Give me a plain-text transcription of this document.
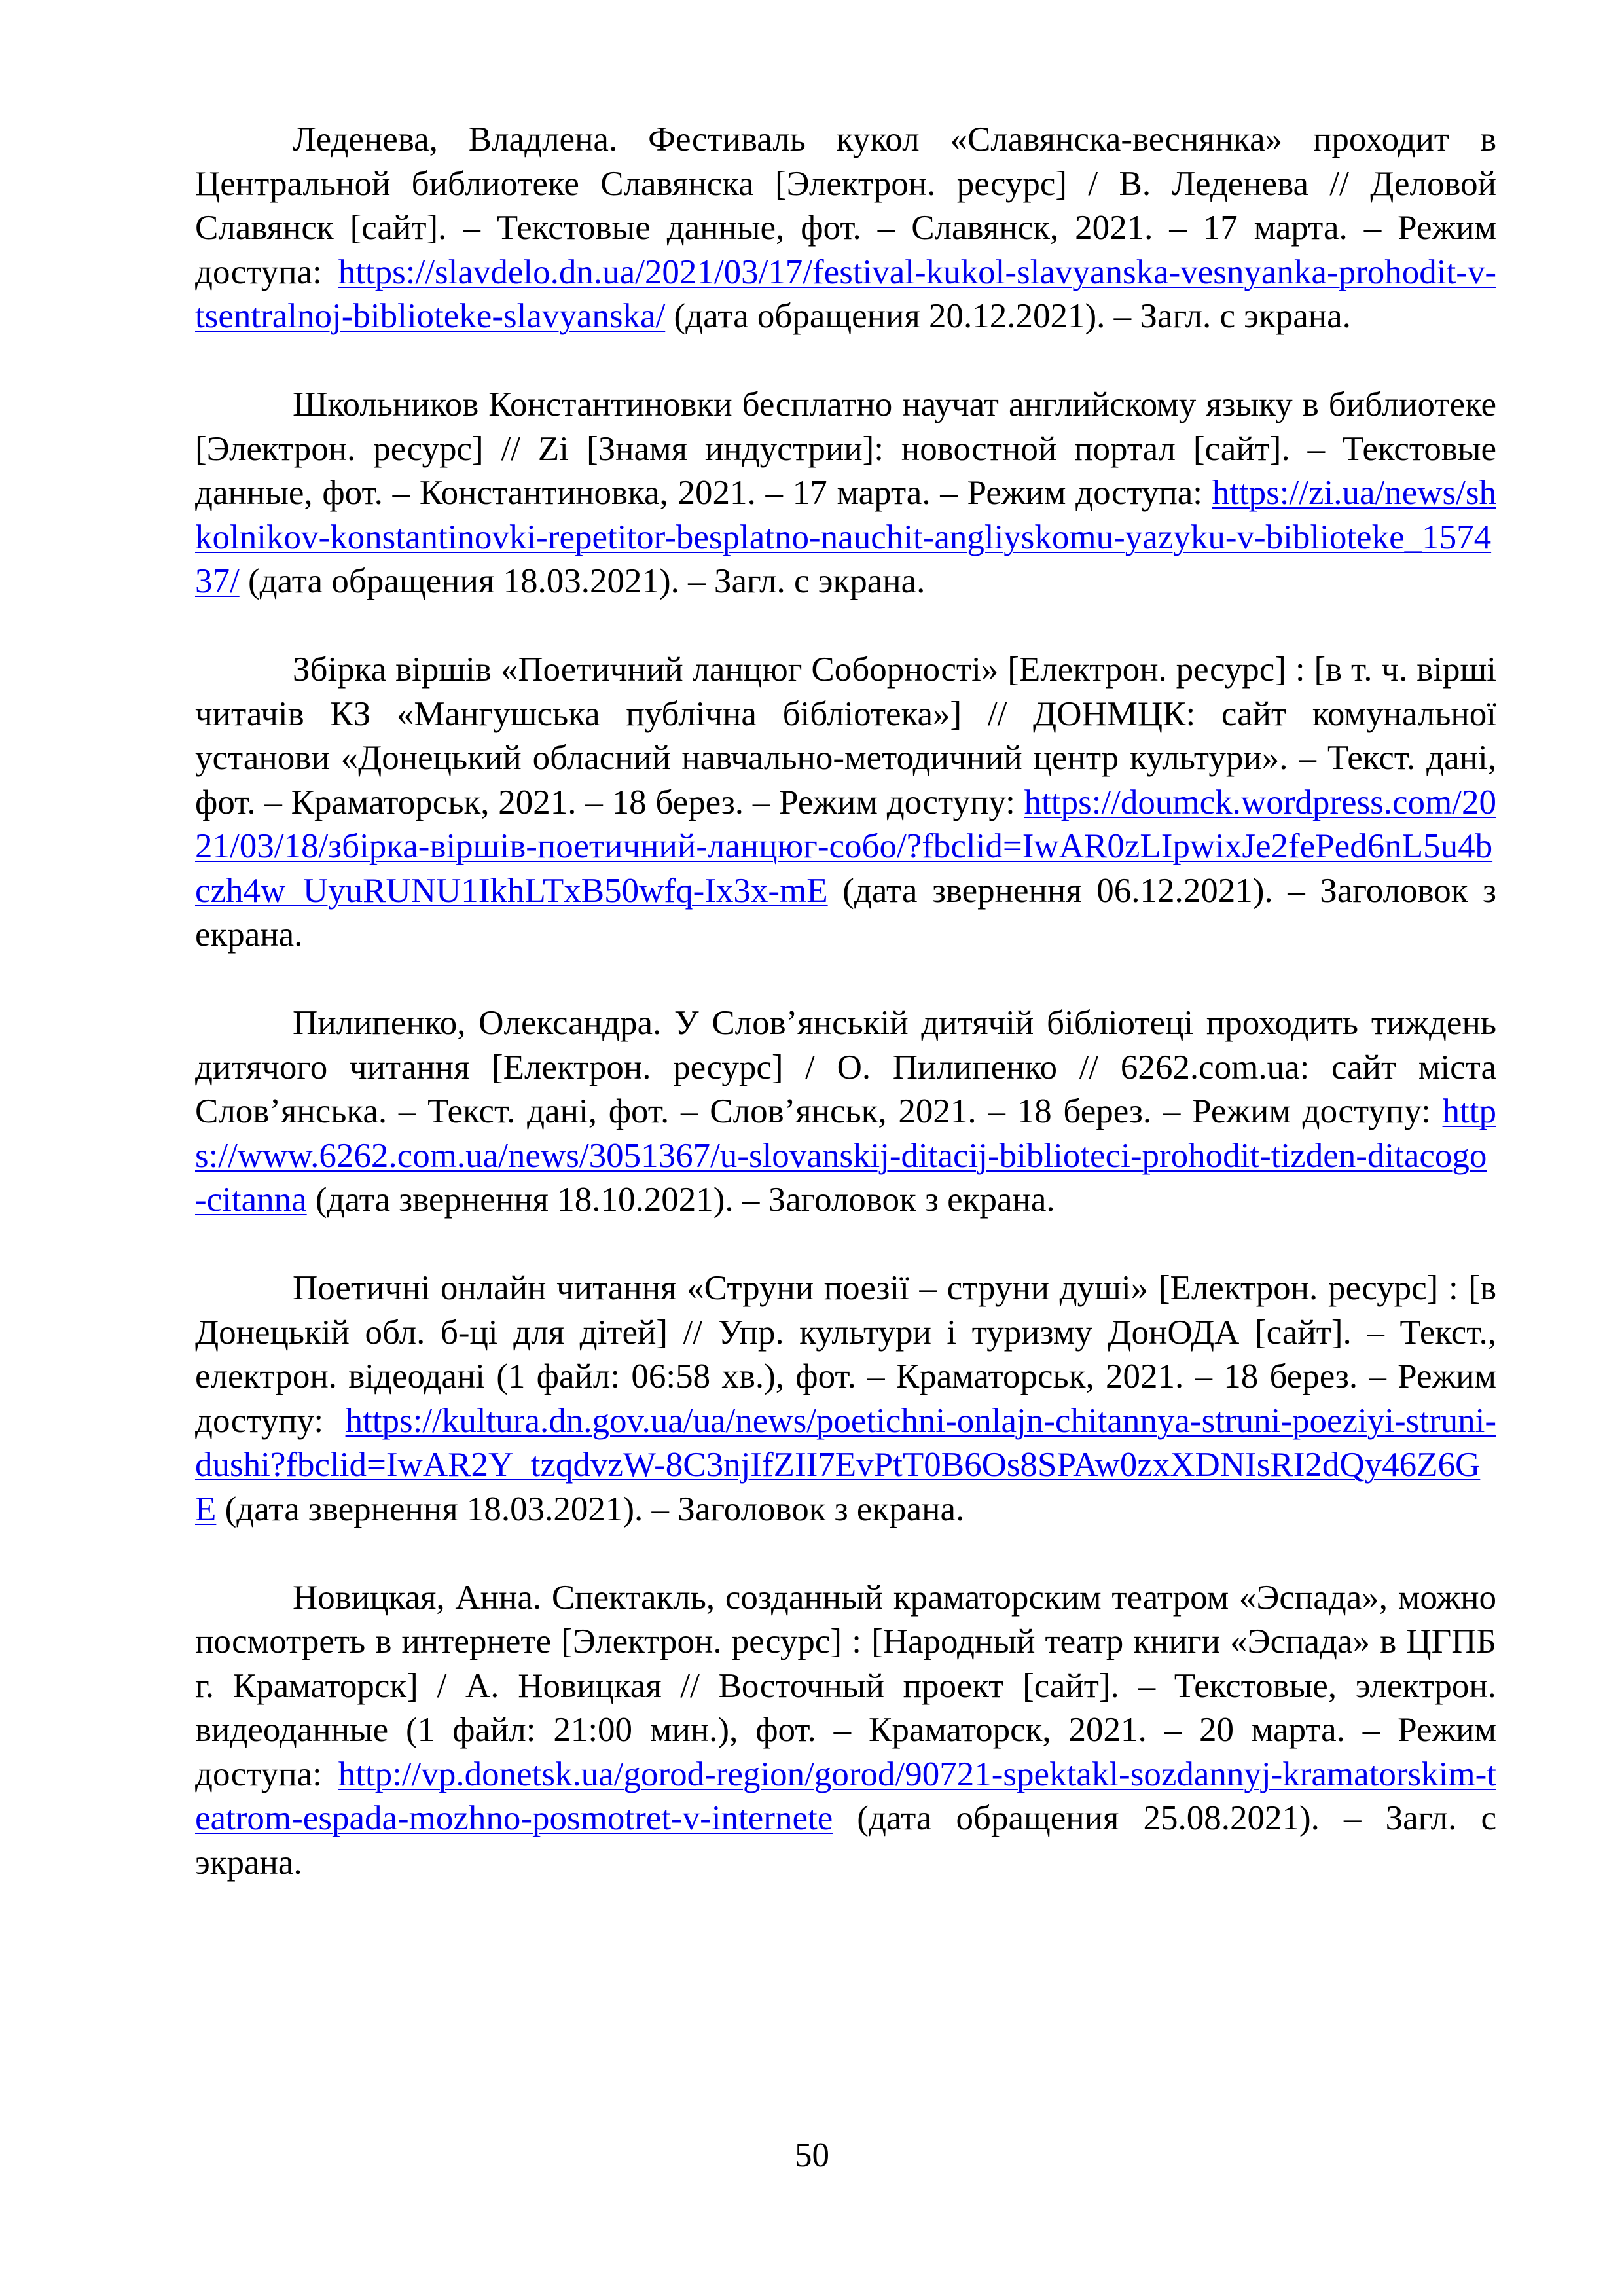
Леденева, Владлена. Фестиваль кукол «Славянска-веснянка» проходит в Центральной библиотеке Славянска [Электрон. ресурс] / В. Леденева // Деловой Славянск [сайт]. – Текстовые данные, фот. – Славянск, 2021. – 17 марта. – Режим доступа: https://slavdelo.dn.ua/2021/03/17/festival-kukol-slavyanska-vesnyanka-prohodit-v-tsentralnoj-biblioteke-slavyanska/ (дата обращения 20.12.2021). – Загл. с экрана.

Школьников Константиновки бесплатно научат английскому языку в библиотеке [Электрон. ресурс] // Zi [Знамя индустрии]: новостной портал [сайт]. – Текстовые данные, фот. – Константиновка, 2021. – 17 марта. – Режим доступа: https://zi.ua/news/shkolnikov-konstantinovki-repetitor-besplatno-nauchit-angliyskomu-yazyku-v-biblioteke_157437/ (дата обращения 18.03.2021). – Загл. с экрана.

Збірка віршів «Поетичний ланцюг Соборності» [Електрон. ресурс] : [в т. ч. вірші читачів КЗ «Мангушська публічна бібліотека»] // ДОНМЦК: сайт комунальної установи «Донецький обласний навчально-методичний центр культури». – Текст. дані, фот. – Краматорськ, 2021. – 18 берез. – Режим доступу: https://doumck.wordpress.com/2021/03/18/збірка-віршів-поетичний-ланцюг-собо/?fbclid=IwAR0zLIpwixJe2fePed6nL5u4bczh4w_UyuRUNU1IkhLTxB50wfq-Ix3x-mE (дата звернення 06.12.2021). – Заголовок з екрана.

Пилипенко, Олександра. У Слов’янській дитячій бібліотеці проходить тиждень дитячого читання [Електрон. ресурс] / О. Пилипенко // 6262.com.ua: сайт міста Слов’янська. – Текст. дані, фот. – Слов’янськ, 2021. – 18 берез. – Режим доступу: https://www.6262.com.ua/news/3051367/u-slovanskij-ditacij-biblioteci-prohodit-tizden-ditacogo-citanna (дата звернення 18.10.2021). – Заголовок з екрана.

Поетичні онлайн читання «Струни поезії – струни душі» [Електрон. ресурс] : [в Донецькій обл. б-ці для дітей] // Упр. культури і туризму ДонОДА [сайт]. – Текст., електрон. відеодані (1 файл: 06:58 хв.), фот. – Краматорськ, 2021. – 18 берез. – Режим доступу: https://kultura.dn.gov.ua/ua/news/poetichni-onlajn-chitannya-struni-poeziyi-struni-dushi?fbclid=IwAR2Y_tzqdvzW-8C3njIfZII7EvPtT0B6Os8SPAw0zxXDNIsRI2dQy46Z6GE (дата звернення 18.03.2021). – Заголовок з екрана.

Новицкая, Анна. Спектакль, созданный краматорским театром «Эспада», можно посмотреть в интернете [Электрон. ресурс] : [Народный театр книги «Эспада» в ЦГПБ г. Краматорск] / А. Новицкая // Восточный проект [сайт]. – Текстовые, электрон. видеоданные (1 файл: 21:00 мин.), фот. – Краматорск, 2021. – 20 марта. – Режим доступа: http://vp.donetsk.ua/gorod-region/gorod/90721-spektakl-sozdannyj-kramatorskim-teatrom-espada-mozhno-posmotret-v-internete (дата обращения 25.08.2021). – Загл. с экрана.

50
